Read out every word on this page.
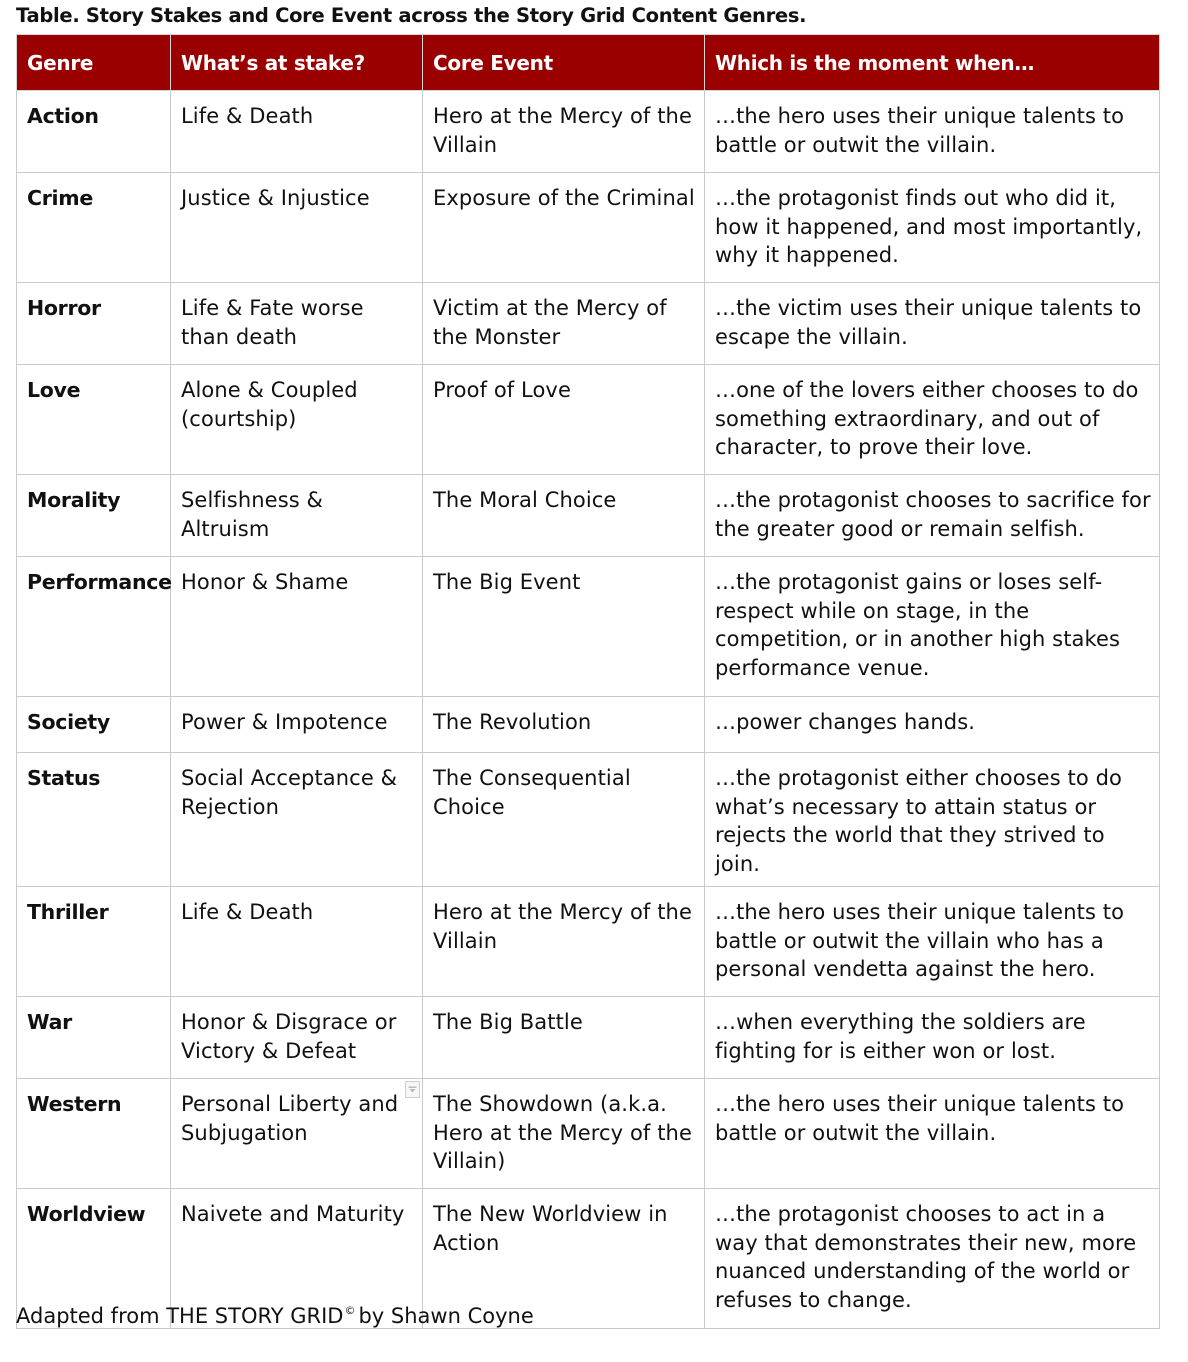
Table. Story Stakes and Core Event across the Story Grid Content Genres.
Genre	What’s at stake?	Core Event	Which is the moment when…
Action	Life & Death	Hero at the Mercy of the Villain	…the hero uses their unique talents to battle or outwit the villain.
Crime	Justice & Injustice	Exposure of the Criminal	…the protagonist finds out who did it, how it happened, and most importantly, why it happened.
Horror	Life & Fate worse than death	Victim at the Mercy of the Monster	…the victim uses their unique talents to escape the villain.
Love	Alone & Coupled (courtship)	Proof of Love	…one of the lovers either chooses to do something extraordinary, and out of character, to prove their love.
Morality	Selfishness & Altruism	The Moral Choice	…the protagonist chooses to sacrifice for the greater good or remain selfish.
Performance	Honor & Shame	The Big Event	…the protagonist gains or loses self-respect while on stage, in the competition, or in another high stakes performance venue.
Society	Power & Impotence	The Revolution	…power changes hands.
Status	Social Acceptance & Rejection	The Consequential Choice	…the protagonist either chooses to do what’s necessary to attain status or rejects the world that they strived to join.
Thriller	Life & Death	Hero at the Mercy of the Villain	…the hero uses their unique talents to battle or outwit the villain who has a personal vendetta against the hero.
War	Honor & Disgrace or Victory & Defeat	The Big Battle	…when everything the soldiers are fighting for is either won or lost.
Western	Personal Liberty and Subjugation	The Showdown (a.k.a. Hero at the Mercy of the Villain)	…the hero uses their unique talents to battle or outwit the villain.
Worldview	Naivete and Maturity	The New Worldview in Action	…the protagonist chooses to act in a way that demonstrates their new, more nuanced understanding of the world or refuses to change.
Adapted from THE STORY GRID© by Shawn Coyne
